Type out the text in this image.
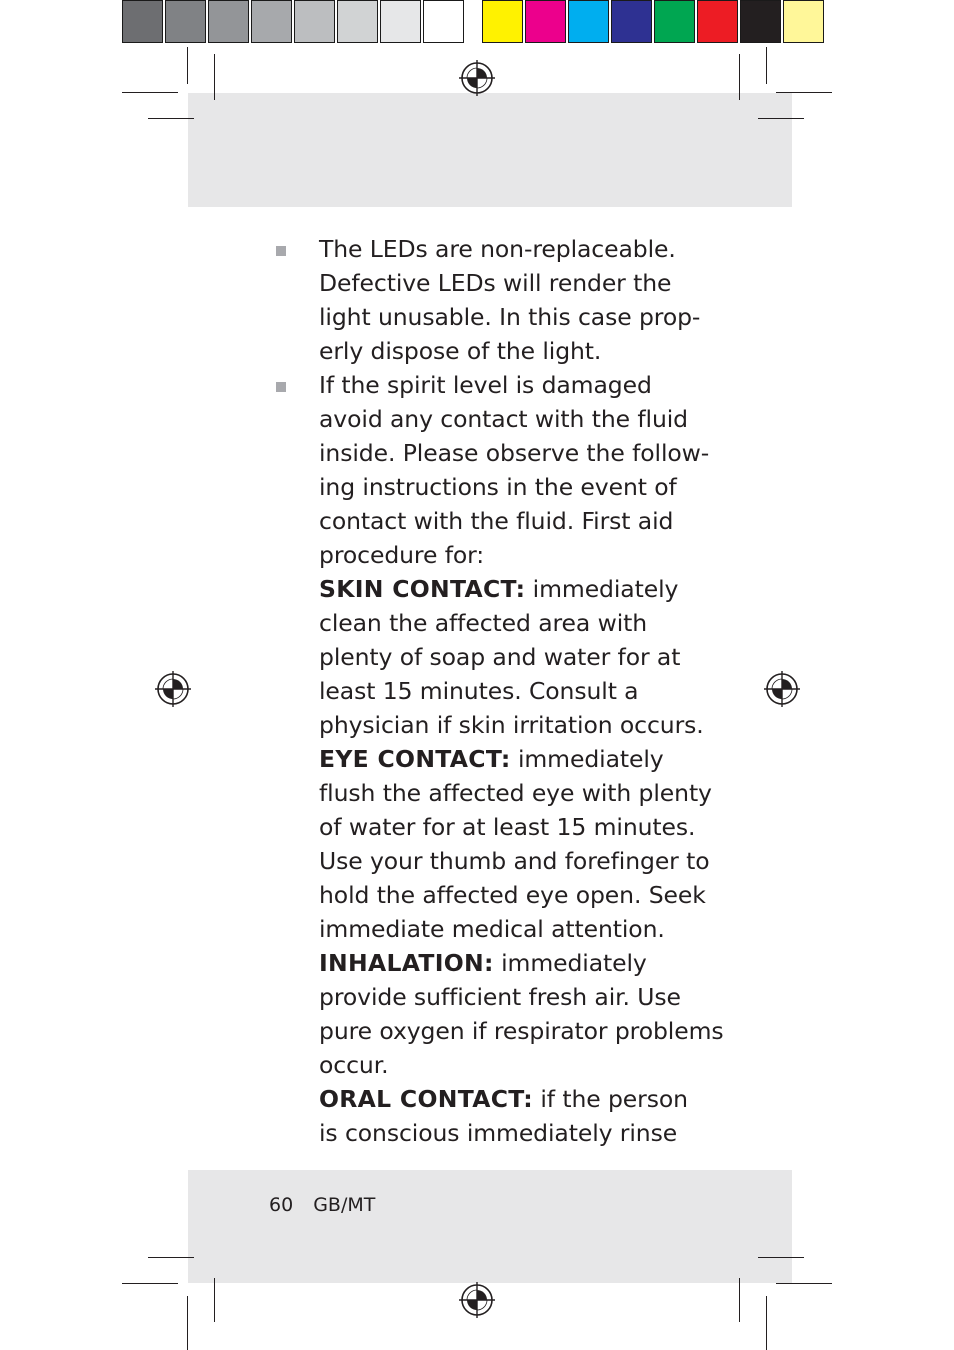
The LEDs are non-replaceable.
Defective LEDs will render the
light unusable. In this case prop-
erly dispose of the light.
If the spirit level is damaged
avoid any contact with the fluid
inside. Please observe the follow-
ing instructions in the event of
contact with the fluid. First aid
procedure for:
SKIN CONTACT: immediately
clean the affected area with
plenty of soap and water for at
least 15 minutes. Consult a
physician if skin irritation occurs.
EYE CONTACT: immediately
flush the affected eye with plenty
of water for at least 15 minutes.
Use your thumb and forefinger to
hold the affected eye open. Seek
immediate medical attention.
INHALATION: immediately
provide sufficient fresh air. Use
pure oxygen if respirator problems
occur.
ORAL CONTACT: if the person
is conscious immediately rinse
60 GB/MT
